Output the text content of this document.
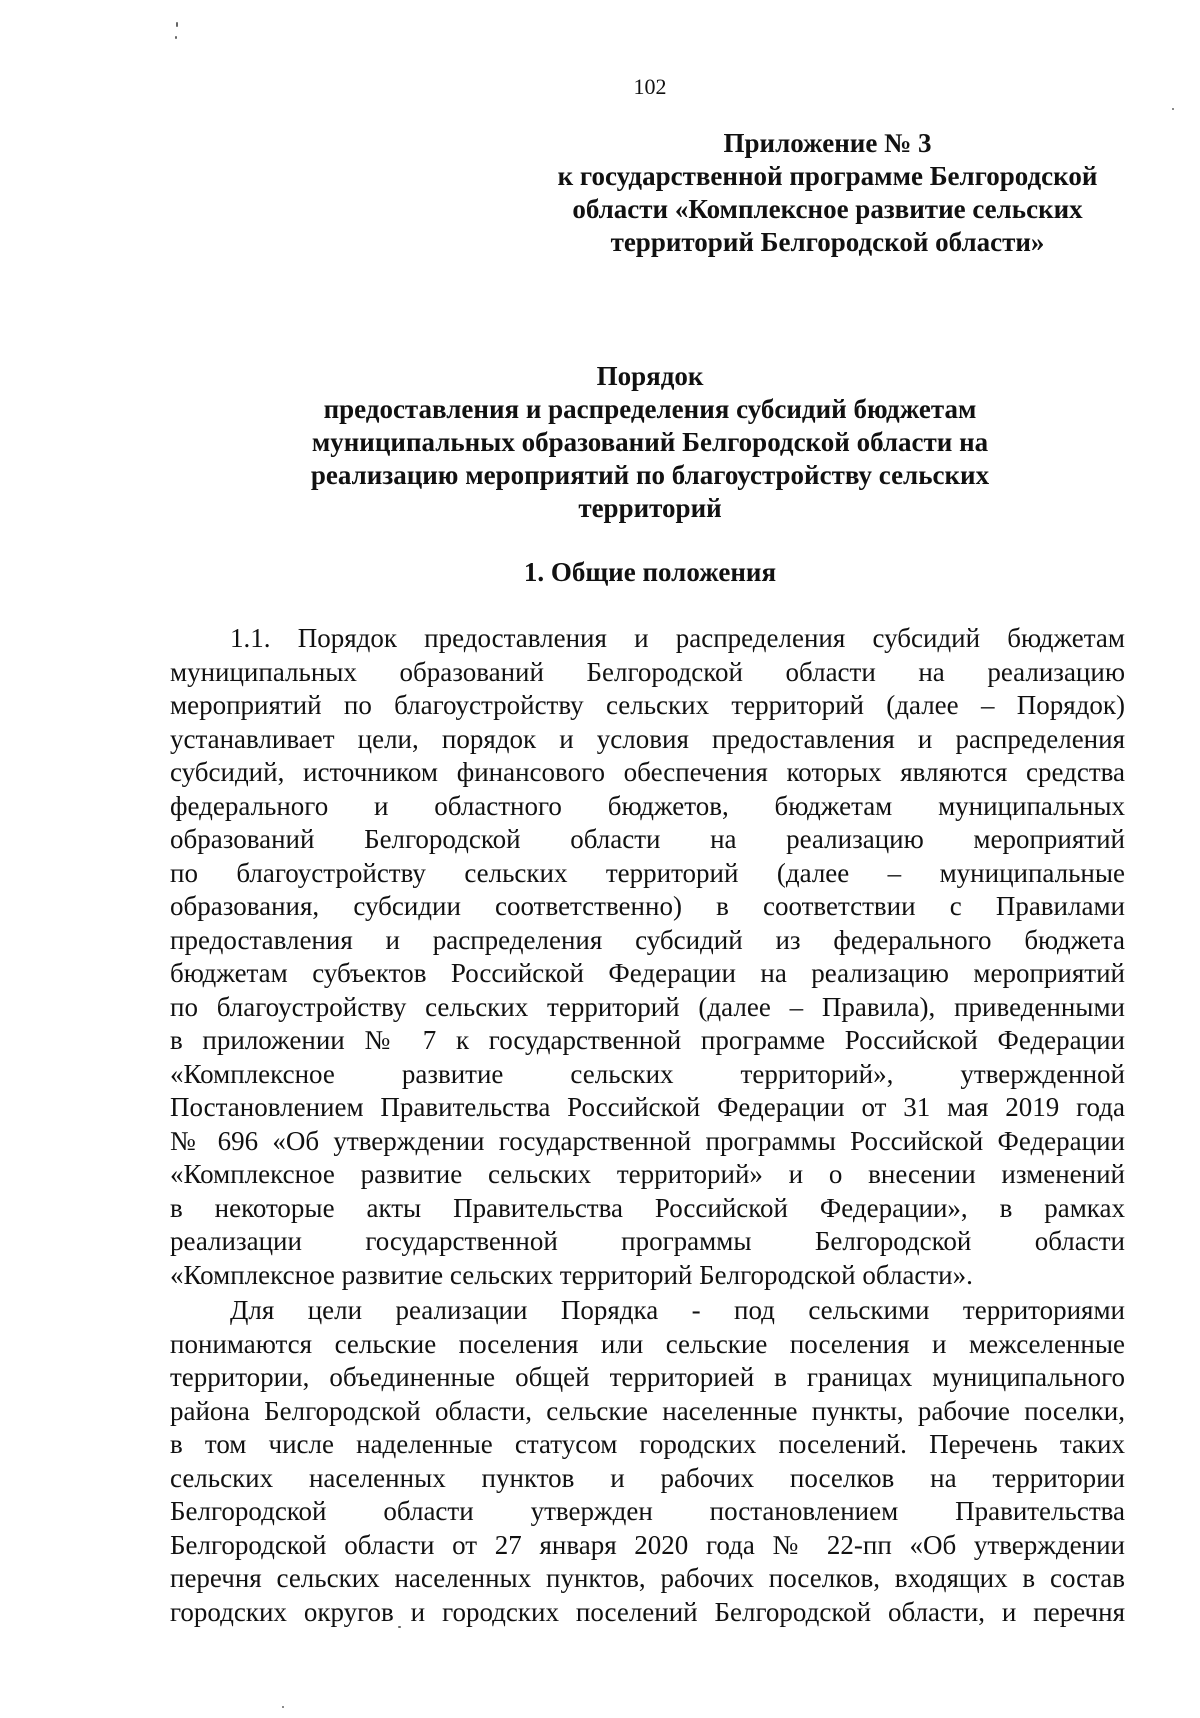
102
Приложение № 3
к государственной программе Белгородской
области «Комплексное развитие сельских
территорий Белгородской области»
Порядок
предоставления и распределения субсидий бюджетам
муниципальных образований Белгородской области на
реализацию мероприятий по благоустройству сельских
территорий
1. Общие положения
1.1. Порядок предоставления и распределения субсидий бюджетам
муниципальных образований Белгородской области на реализацию
мероприятий по благоустройству сельских территорий (далее – Порядок)
устанавливает цели, порядок и условия предоставления и распределения
субсидий, источником финансового обеспечения которых являются средства
федерального и областного бюджетов, бюджетам муниципальных
образований Белгородской области на реализацию мероприятий
по благоустройству сельских территорий (далее – муниципальные
образования, субсидии соответственно) в соответствии с Правилами
предоставления и распределения субсидий из федерального бюджета
бюджетам субъектов Российской Федерации на реализацию мероприятий
по благоустройству сельских территорий (далее – Правила), приведенными
в приложении № 7 к государственной программе Российской Федерации
«Комплексное развитие сельских территорий», утвержденной
Постановлением Правительства Российской Федерации от 31 мая 2019 года
№ 696 «Об утверждении государственной программы Российской Федерации
«Комплексное развитие сельских территорий» и о внесении изменений
в некоторые акты Правительства Российской Федерации», в рамках
реализации государственной программы Белгородской области
«Комплексное развитие сельских территорий Белгородской области».
Для цели реализации Порядка - под сельскими территориями
понимаются сельские поселения или сельские поселения и межселенные
территории, объединенные общей территорией в границах муниципального
района Белгородской области, сельские населенные пункты, рабочие поселки,
в том числе наделенные статусом городских поселений. Перечень таких
сельских населенных пунктов и рабочих поселков на территории
Белгородской области утвержден постановлением Правительства
Белгородской области от 27 января 2020 года № 22-пп «Об утверждении
перечня сельских населенных пунктов, рабочих поселков, входящих в состав
городских округов и городских поселений Белгородской области, и перечня
